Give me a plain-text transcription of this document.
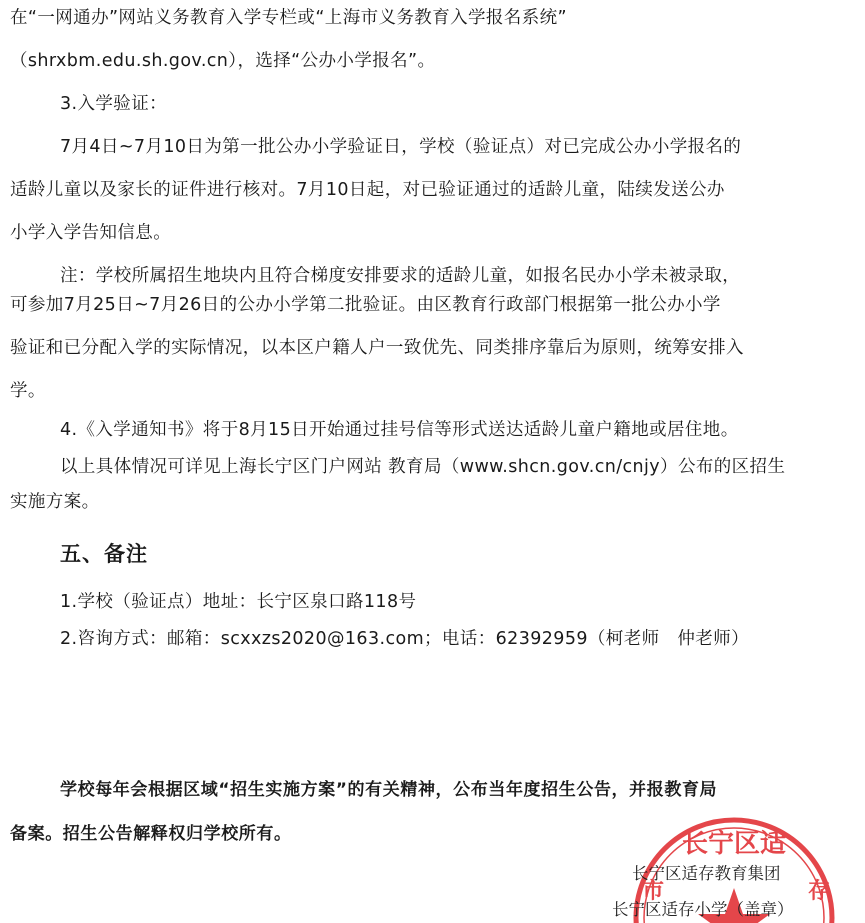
在“一网通办”网站义务教育入学专栏或“上海市义务教育入学报名系统”
（shrxbm.edu.sh.gov.cn），选择“公办小学报名”。
3.入学验证：
7月4日~7月10日为第一批公办小学验证日，学校（验证点）对已完成公办小学报名的
适龄儿童以及家长的证件进行核对。7月10日起，对已验证通过的适龄儿童，陆续发送公办
小学入学告知信息。
注：学校所属招生地块内且符合梯度安排要求的适龄儿童，如报名民办小学未被录取，
可参加7月25日~7月26日的公办小学第二批验证。由区教育行政部门根据第一批公办小学
验证和已分配入学的实际情况，以本区户籍人户一致优先、同类排序靠后为原则，统筹安排入
学。
4.《入学通知书》将于8月15日开始通过挂号信等形式送达适龄儿童户籍地或居住地。
以上具体情况可详见上海长宁区门户网站 教育局（www.shcn.gov.cn/cnjy）公布的区招生
实施方案。
五、备注
1.学校（验证点）地址：长宁区泉口路118号
2.咨询方式：邮箱：scxxzs2020@163.com；电话：62392959（柯老师　仲老师）
学校每年会根据区域“招生实施方案”的有关精神，公布当年度招生公告，并报教育局
备案。招生公告解释权归学校所有。	长宁区适
市	存
长宁区适存教育集团
长宁区适存小学（盖章）
